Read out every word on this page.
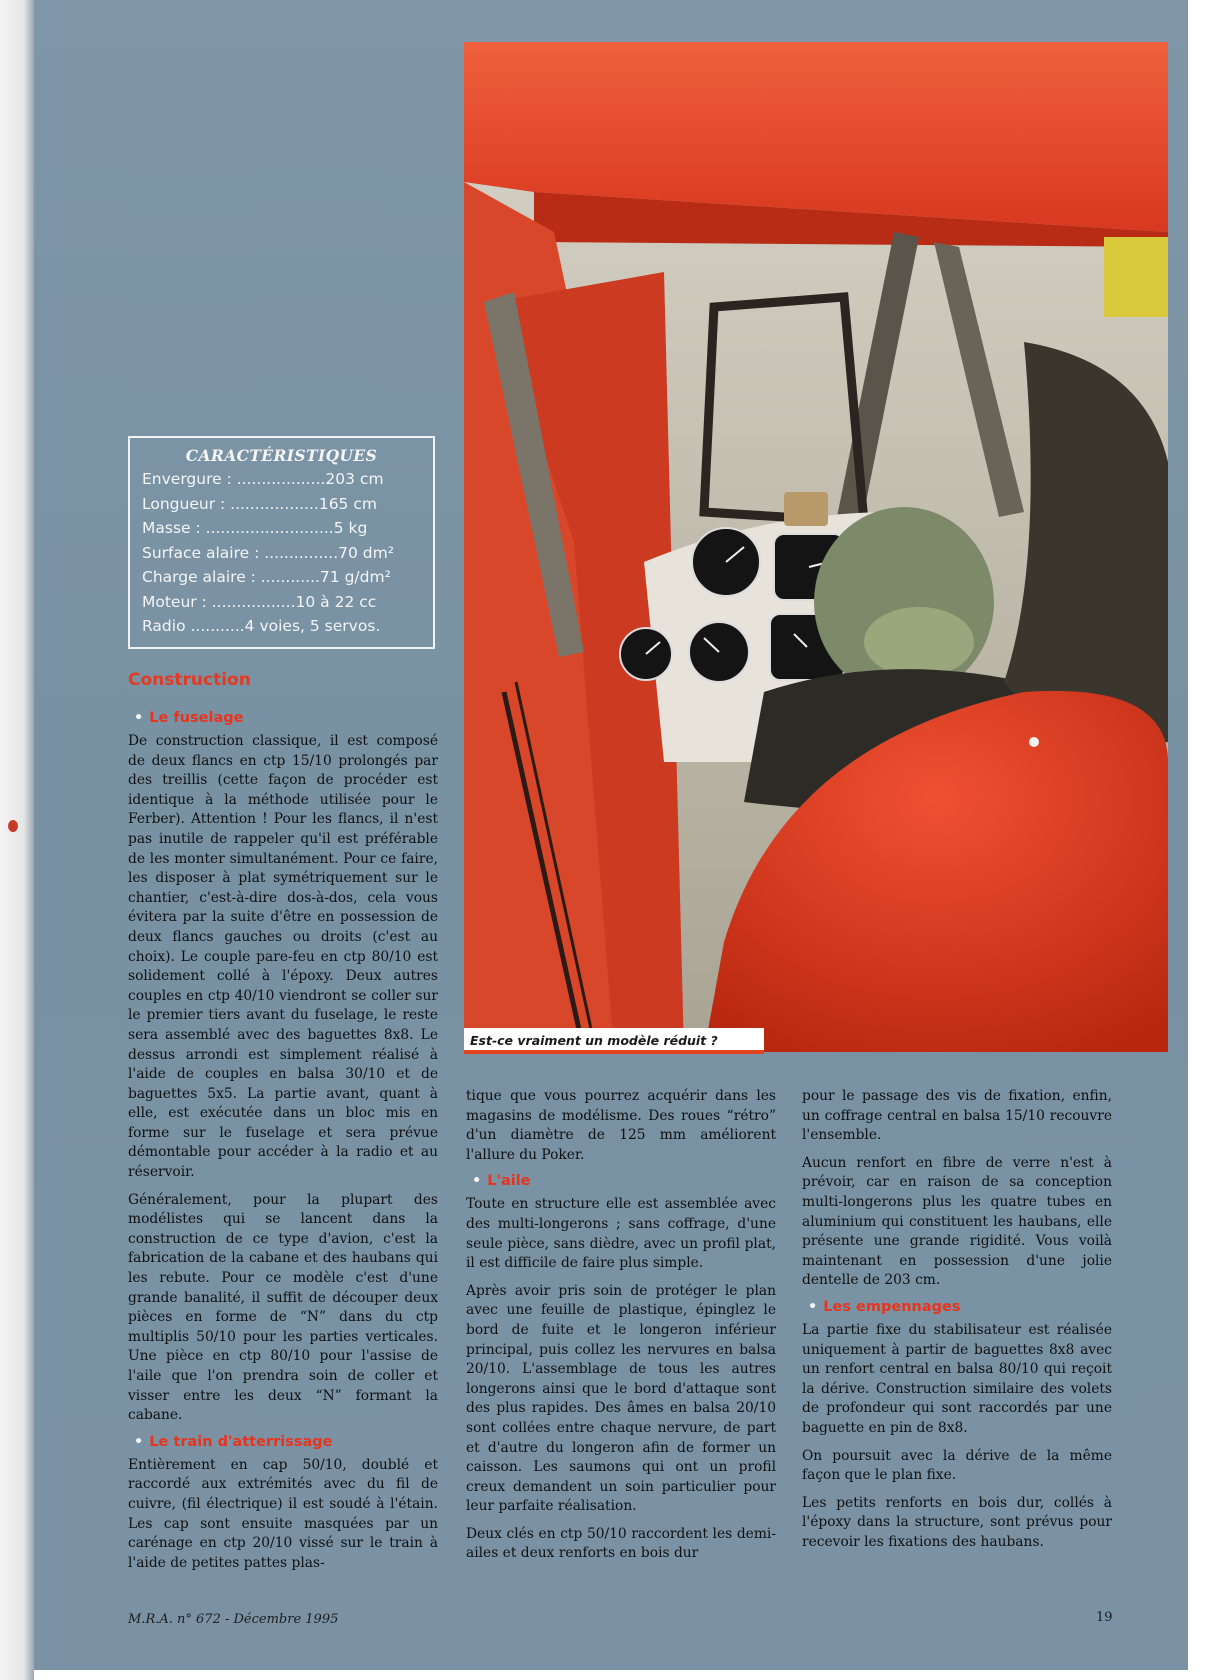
Est-ce vraiment un modèle réduit ?
CARACTÉRISTIQUES
Envergure : ..................203 cm
Longueur : ..................165 cm
Masse : ..........................5 kg
Surface alaire : ...............70 dm²
Charge alaire : ............71 g/dm²
Moteur : .................10 à 22 cc
Radio ...........4 voies, 5 servos.
Construction
• Le fuselage

De construction classique, il est composé de deux flancs en ctp 15/10 prolongés par des treillis (cette façon de procéder est identique à la méthode utilisée pour le Ferber). Attention ! Pour les flancs, il n'est pas inutile de rappeler qu'il est préférable de les monter simultanément. Pour ce faire, les disposer à plat symétriquement sur le chantier, c'est-à-dire dos-à-dos, cela vous évitera par la suite d'être en possession de deux flancs gauches ou droits (c'est au choix). Le couple pare-feu en ctp 80/10 est solidement collé à l'époxy. Deux autres couples en ctp 40/10 viendront se coller sur le premier tiers avant du fuselage, le reste sera assemblé avec des baguettes 8x8. Le dessus arrondi est simplement réalisé à l'aide de couples en balsa 30/10 et de baguettes 5x5. La partie avant, quant à elle, est exécutée dans un bloc mis en forme sur le fuselage et sera prévue démontable pour accéder à la radio et au réservoir.

Généralement, pour la plupart des modélistes qui se lancent dans la construction de ce type d'avion, c'est la fabrication de la cabane et des haubans qui les rebute. Pour ce modèle c'est d'une grande banalité, il suffit de découper deux pièces en forme de “N” dans du ctp multiplis 50/10 pour les parties verticales. Une pièce en ctp 80/10 pour l'assise de l'aile que l'on prendra soin de coller et visser entre les deux “N” formant la cabane.

• Le train d'atterrissage

Entièrement en cap 50/10, doublé et raccordé aux extrémités avec du fil de cuivre, (fil électrique) il est soudé à l'étain. Les cap sont ensuite masquées par un carénage en ctp 20/10 vissé sur le train à l'aide de petites pattes plas-

tique que vous pourrez acquérir dans les magasins de modélisme. Des roues “rétro” d'un diamètre de 125 mm améliorent l'allure du Poker.

• L'aile

Toute en structure elle est assemblée avec des multi-longerons ; sans coffrage, d'une seule pièce, sans dièdre, avec un profil plat, il est difficile de faire plus simple.

Après avoir pris soin de protéger le plan avec une feuille de plastique, épinglez le bord de fuite et le longeron inférieur principal, puis collez les nervures en balsa 20/10. L'assemblage de tous les autres longerons ainsi que le bord d'attaque sont des plus rapides. Des âmes en balsa 20/10 sont collées entre chaque nervure, de part et d'autre du longeron afin de former un caisson. Les saumons qui ont un profil creux demandent un soin particulier pour leur parfaite réalisation.

Deux clés en ctp 50/10 raccordent les demi-ailes et deux renforts en bois dur

pour le passage des vis de fixation, enfin, un coffrage central en balsa 15/10 recouvre l'ensemble.

Aucun renfort en fibre de verre n'est à prévoir, car en raison de sa conception multi-longerons plus les quatre tubes en aluminium qui constituent les haubans, elle présente une grande rigidité. Vous voilà maintenant en possession d'une jolie dentelle de 203 cm.

• Les empennages

La partie fixe du stabilisateur est réalisée uniquement à partir de baguettes 8x8 avec un renfort central en balsa 80/10 qui reçoit la dérive. Construction similaire des volets de profondeur qui sont raccordés par une baguette en pin de 8x8.

On poursuit avec la dérive de la même façon que le plan fixe.

Les petits renforts en bois dur, collés à l'époxy dans la structure, sont prévus pour recevoir les fixations des haubans.

M.R.A. n° 672 - Décembre 1995	19
